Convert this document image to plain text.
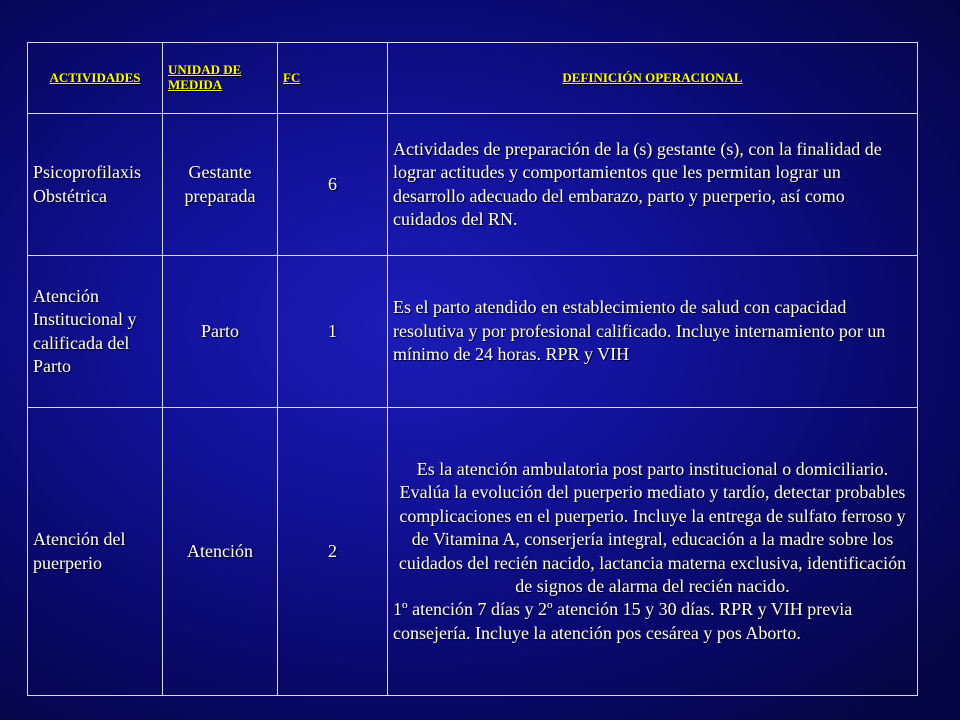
ACTIVIDADES	UNIDAD DE MEDIDA	FC	DEFINICIÓN OPERACIONAL
Psicoprofilaxis Obstétrica	Gestante preparada	6	Actividades de preparación de la (s) gestante (s), con la finalidad de lograr actitudes y comportamientos que les permitan lograr un desarrollo adecuado del embarazo, parto y puerperio, así como cuidados del RN.
Atención Institucional y calificada del Parto	Parto	1	Es el parto atendido en establecimiento de salud con capacidad resolutiva y por profesional calificado. Incluye internamiento por un mínimo de 24 horas. RPR y VIH
Atención del puerperio	Atención	2	Es la atención ambulatoria post parto institucional o domiciliario. Evalúa la evolución del puerperio mediato y tardío, detectar probables complicaciones en el puerperio. Incluye la entrega de sulfato ferroso y de Vitamina A, conserjería integral, educación a la madre sobre los cuidados del recién nacido, lactancia materna exclusiva, identificación de signos de alarma del recién nacido.
1º atención 7 días y 2º atención 15 y 30 días. RPR y VIH previa consejería. Incluye la atención pos cesárea y pos Aborto.
